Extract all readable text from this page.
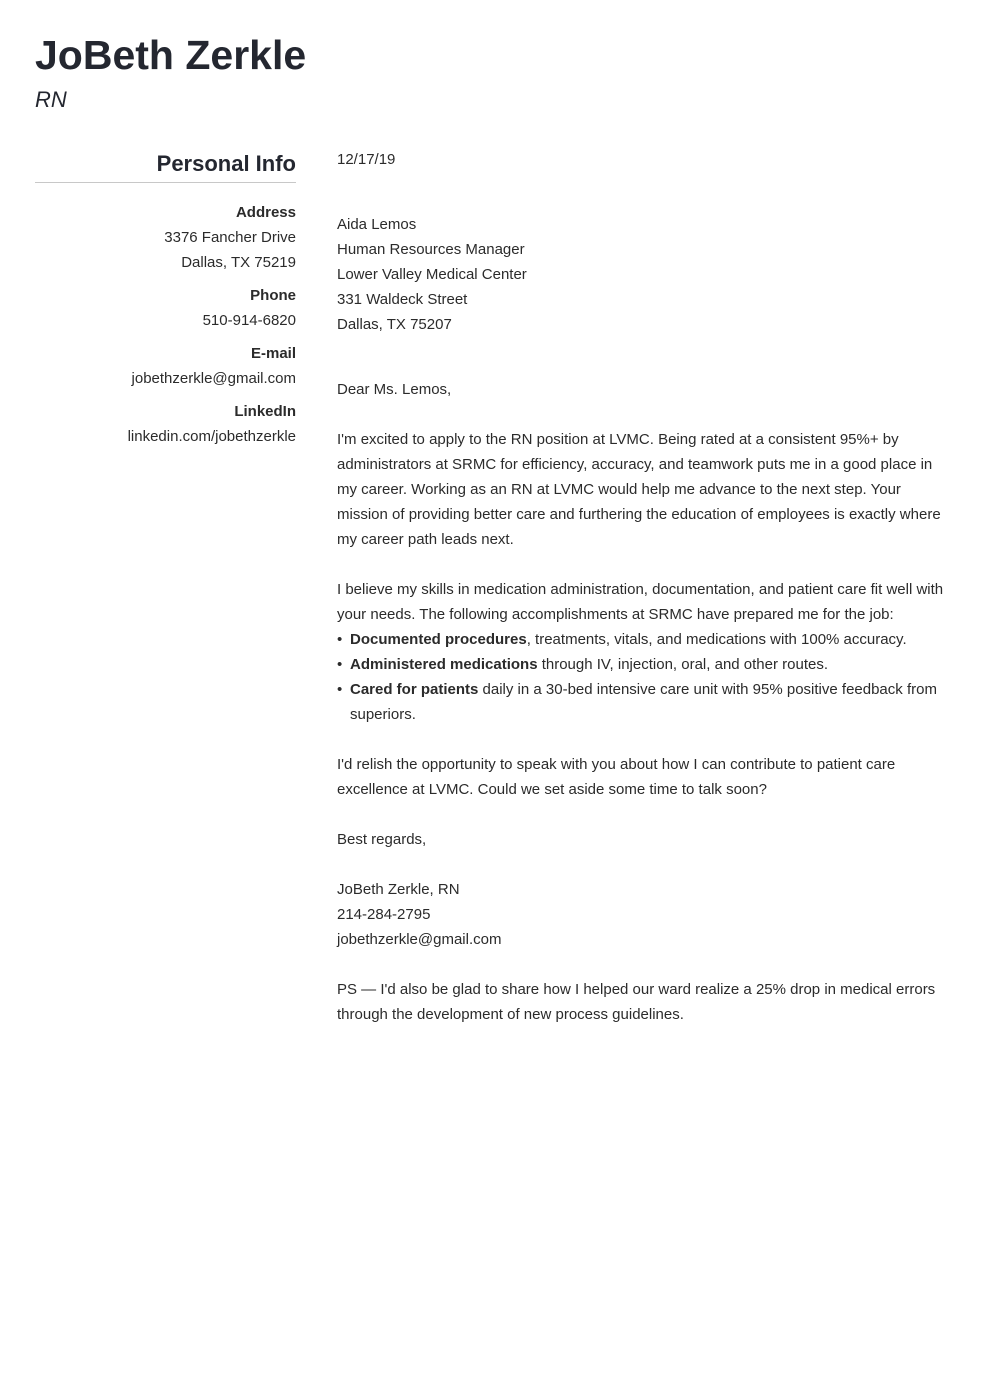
JoBeth Zerkle
RN
Personal Info
Address
3376 Fancher Drive
Dallas, TX 75219
Phone
510-914-6820
E-mail
jobethzerkle@gmail.com
LinkedIn
linkedin.com/jobethzerkle

12/17/19

Aida Lemos
Human Resources Manager
Lower Valley Medical Center
331 Waldeck Street
Dallas, TX 75207

Dear Ms. Lemos,

I'm excited to apply to the RN position at LVMC. Being rated at a consistent 95%+ by administrators at SRMC for efficiency, accuracy, and teamwork puts me in a good place in my career. Working as an RN at LVMC would help me advance to the next step. Your mission of providing better care and furthering the education of employees is exactly where my career path leads next.

I believe my skills in medication administration, documentation, and patient care fit well with your needs. The following accomplishments at SRMC have prepared me for the job:

• Documented procedures, treatments, vitals, and medications with 100% accuracy.
• Administered medications through IV, injection, oral, and other routes.
• Cared for patients daily in a 30-bed intensive care unit with 95% positive feedback from superiors.

I'd relish the opportunity to speak with you about how I can contribute to patient care excellence at LVMC. Could we set aside some time to talk soon?

Best regards,

JoBeth Zerkle, RN
214-284-2795
jobethzerkle@gmail.com

PS — I'd also be glad to share how I helped our ward realize a 25% drop in medical errors through the development of new process guidelines.
